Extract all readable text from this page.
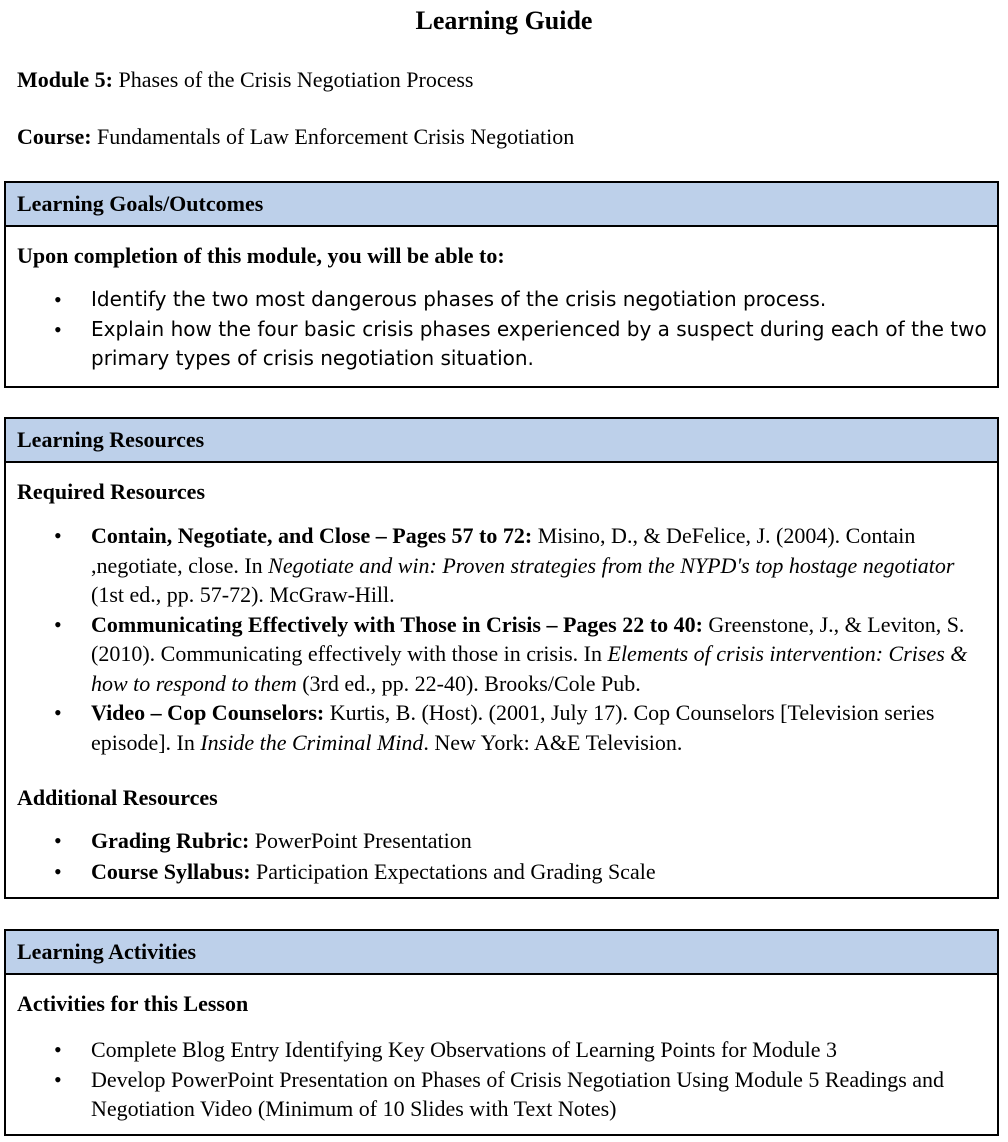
Learning Guide
Module 5: Phases of the Crisis Negotiation Process
Course: Fundamentals of Law Enforcement Crisis Negotiation
Learning Goals/Outcomes
Upon completion of this module, you will be able to:
• Identify the two most dangerous phases of the crisis negotiation process.
• Explain how the four basic crisis phases experienced by a suspect during each of the two primary types of crisis negotiation situation.
Learning Resources
Required Resources
• Contain, Negotiate, and Close – Pages 57 to 72: Misino, D., & DeFelice, J. (2004). Contain ,negotiate, close. In Negotiate and win: Proven strategies from the NYPD's top hostage negotiator (1st ed., pp. 57-72). McGraw-Hill.
• Communicating Effectively with Those in Crisis – Pages 22 to 40: Greenstone, J., & Leviton, S. (2010). Communicating effectively with those in crisis. In Elements of crisis intervention: Crises & how to respond to them (3rd ed., pp. 22-40). Brooks/Cole Pub.
• Video – Cop Counselors: Kurtis, B. (Host). (2001, July 17). Cop Counselors [Television series episode]. In Inside the Criminal Mind. New York: A&E Television.
Additional Resources
• Grading Rubric: PowerPoint Presentation
• Course Syllabus: Participation Expectations and Grading Scale
Learning Activities
Activities for this Lesson
• Complete Blog Entry Identifying Key Observations of Learning Points for Module 3
• Develop PowerPoint Presentation on Phases of Crisis Negotiation Using Module 5 Readings and Negotiation Video (Minimum of 10 Slides with Text Notes)
